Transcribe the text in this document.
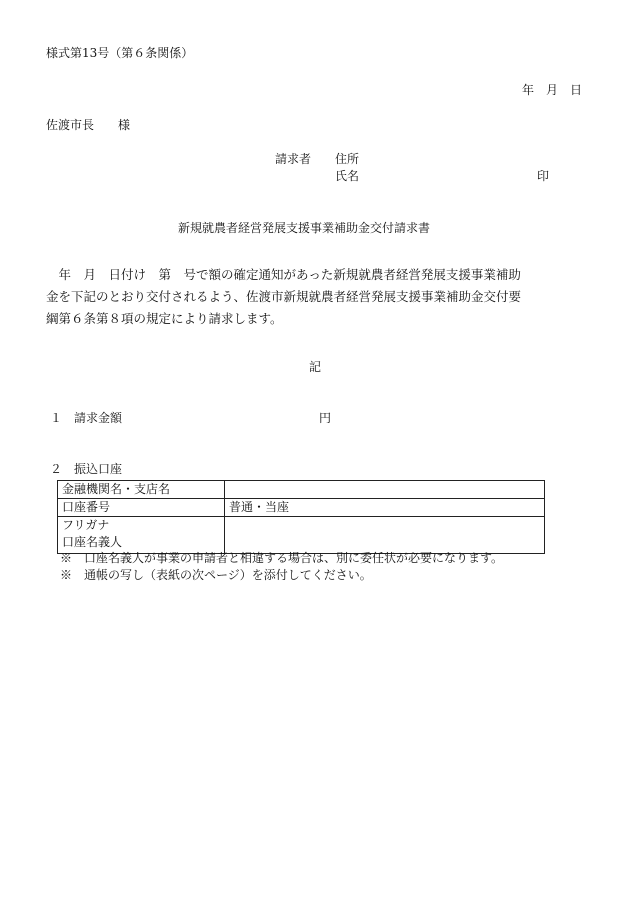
様式第13号（第６条関係）
年　月　日
佐渡市長　　様
請求者 住所
氏名	印
新規就農者経営発展支援事業補助金交付請求書
　年　月　日付け　第　号で額の確定通知があった新規就農者経営発展支援事業補助
金を下記のとおり交付されるよう、佐渡市新規就農者経営発展支援事業補助金交付要
綱第６条第８項の規定により請求します。
記
１　請求金額	円
２　振込口座
金融機関名・支店名	
口座番号	普通・当座

フリガナ
口座名義人	

※　口座名義人が事業の申請者と相違する場合は、別に委任状が必要になります。
※　通帳の写し（表紙の次ページ）を添付してください。
